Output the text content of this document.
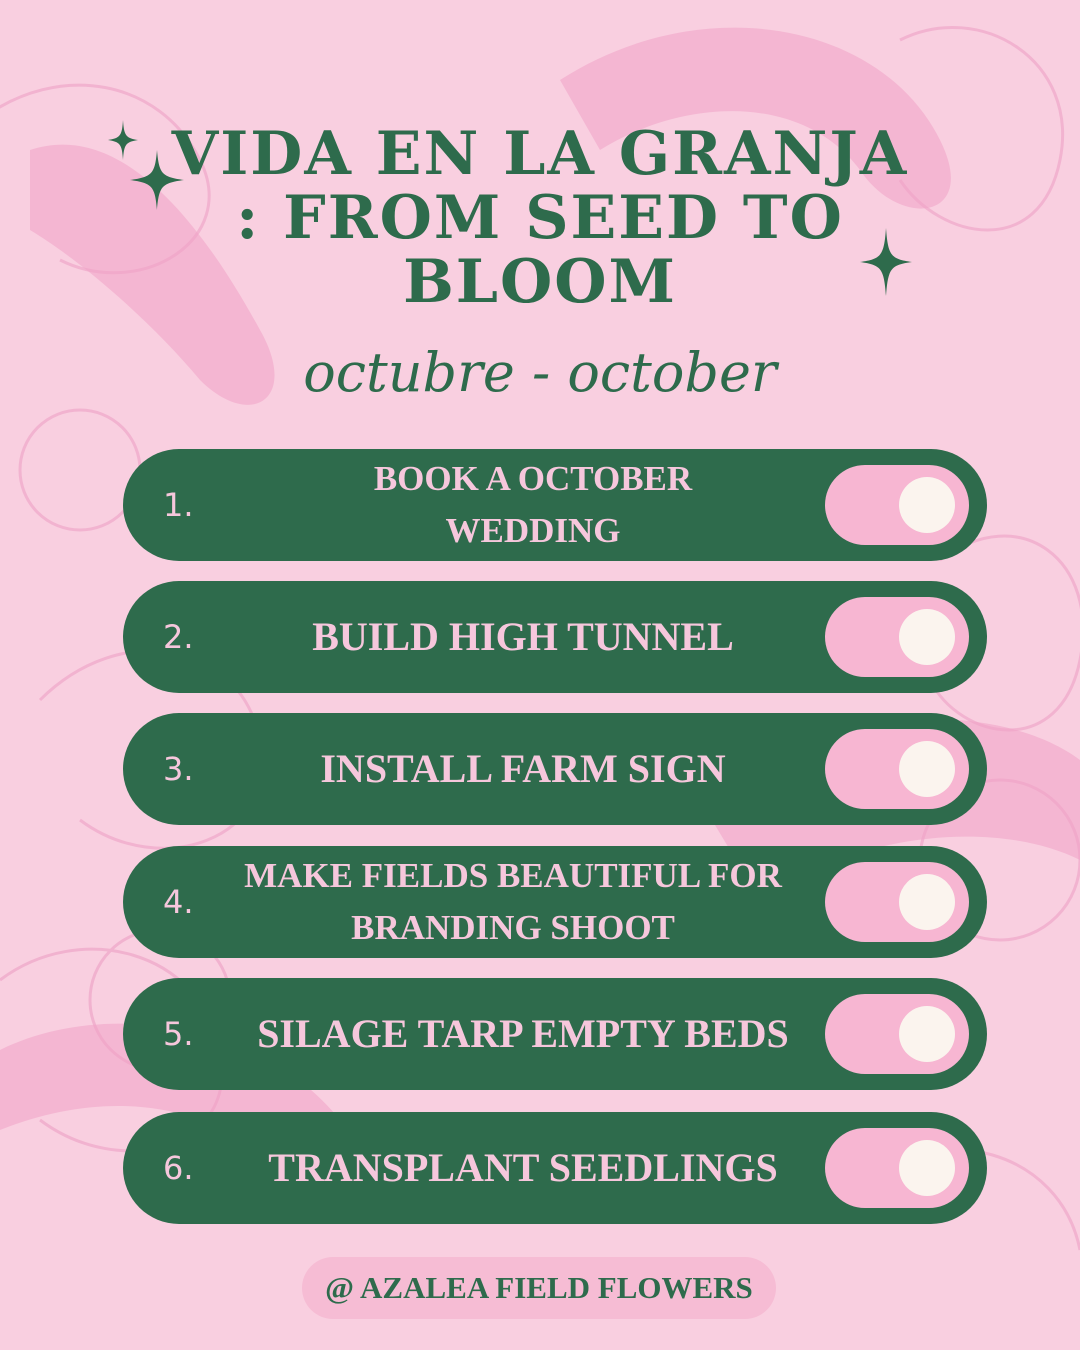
VIDA EN LA GRANJA : FROM SEED TO BLOOM

octubre - october

1.
BOOK A OCTOBER WEDDING
2.	BUILD HIGH TUNNEL
3.	INSTALL FARM SIGN
4.
MAKE FIELDS BEAUTIFUL FOR BRANDING SHOOT
5.	SILAGE TARP EMPTY BEDS
6.	TRANSPLANT SEEDLINGS
@ AZALEA FIELD FLOWERS
